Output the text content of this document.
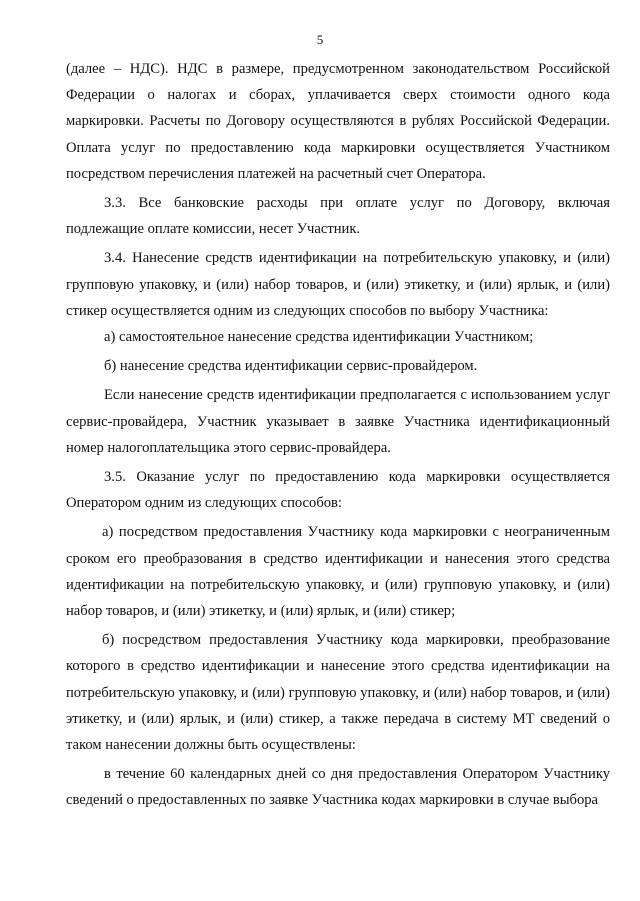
5

(далее – НДС). НДС в размере, предусмотренном законодательством Российской Федерации о налогах и сборах, уплачивается сверх стоимости одного кода маркировки. Расчеты по Договору осуществляются в рублях Российской Федерации. Оплата услуг по предоставлению кода маркировки осуществляется Участником посредством перечисления платежей на расчетный счет Оператора.

3.3. Все банковские расходы при оплате услуг по Договору, включая подлежащие оплате комиссии, несет Участник.

3.4. Нанесение средств идентификации на потребительскую упаковку, и (или) групповую упаковку, и (или) набор товаров, и (или) этикетку, и (или) ярлык, и (или) стикер осуществляется одним из следующих способов по выбору Участника:

а) самостоятельное нанесение средства идентификации Участником;

б) нанесение средства идентификации сервис-провайдером.

Если нанесение средств идентификации предполагается с использованием услуг сервис-провайдера, Участник указывает в заявке Участника идентификационный номер налогоплательщика этого сервис-провайдера.

3.5. Оказание услуг по предоставлению кода маркировки осуществляется Оператором одним из следующих способов:

а) посредством предоставления Участнику кода маркировки с неограниченным сроком его преобразования в средство идентификации и нанесения этого средства идентификации на потребительскую упаковку, и (или) групповую упаковку, и (или) набор товаров, и (или) этикетку, и (или) ярлык, и (или) стикер;

б) посредством предоставления Участнику кода маркировки, преобразование которого в средство идентификации и нанесение этого средства идентификации на потребительскую упаковку, и (или) групповую упаковку, и (или) набор товаров, и (или) этикетку, и (или) ярлык, и (или) стикер, а также передача в систему МТ сведений о таком нанесении должны быть осуществлены:

в течение 60 календарных дней со дня предоставления Оператором Участнику сведений о предоставленных по заявке Участника кодах маркировки в случае выбора
